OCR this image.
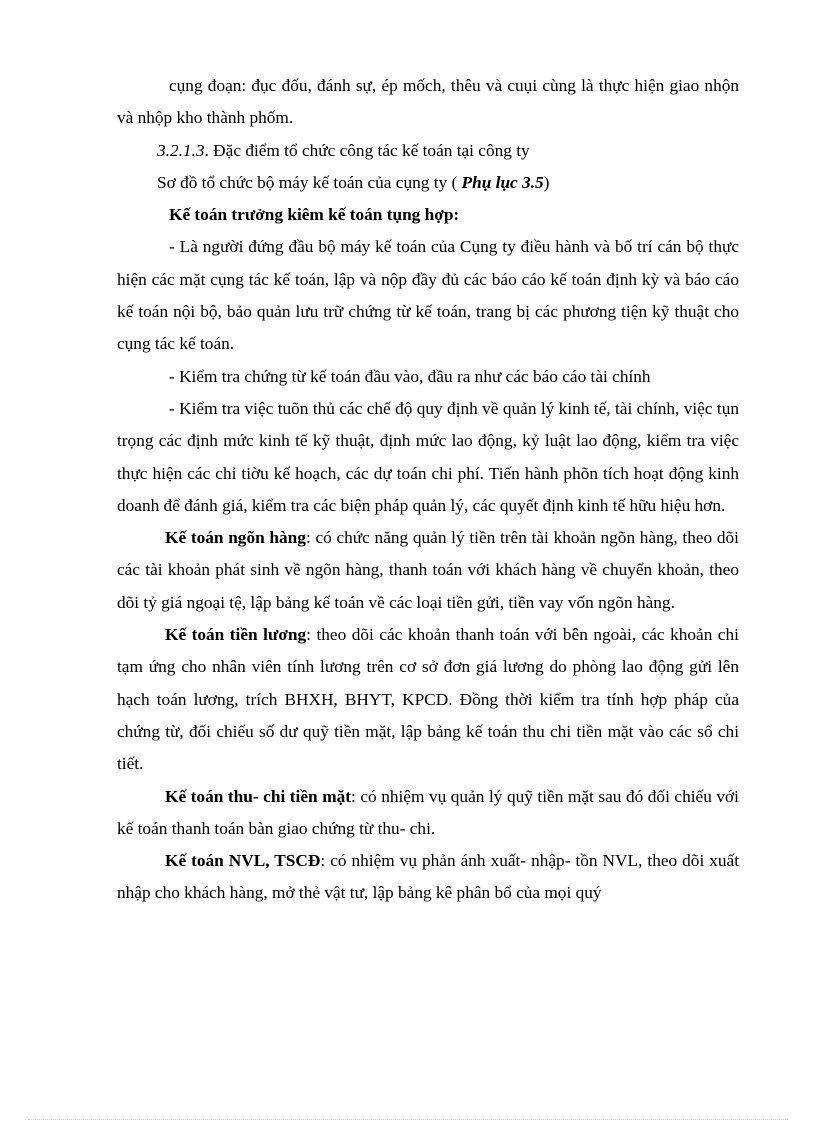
cụng đoạn: đục đốu, đánh sự, ép mốch, thêu và cuụi cùng là thực hiện giao nhộn và nhộp kho thành phốm.

3.2.1.3. Đặc điểm tổ chức công tác kế toán tại công ty

Sơ đồ tổ chức bộ máy kế toán của cụng ty ( Phụ lục 3.5)

Kế toán trưởng kiêm kế toán tụng hợp:

- Là người đứng đầu bộ máy kế toán của Cụng ty điều hành và bố trí cán bộ thực hiện các mặt cụng tác kế toán, lập và nộp đầy đủ các báo cáo kế toán định kỳ và báo cáo kế toán nội bộ, bảo quản lưu trữ chứng từ kế toán, trang bị các phương tiện kỹ thuật cho cụng tác kế toán.

- Kiểm tra chứng từ kế toán đầu vào, đầu ra như các báo cáo tài chính

- Kiểm tra việc tuõn thủ các chế độ quy định về quản lý kinh tế, tài chính, việc tụn trọng các định mức kinh tế kỹ thuật, định mức lao động, kỷ luật lao động, kiểm tra việc thực hiện các chỉ tiờu kế hoạch, các dự toán chi phí. Tiến hành phõn tích hoạt động kinh doanh để đánh giá, kiểm tra các biện pháp quản lý, các quyết định kinh tế hữu hiệu hơn.

Kế toán ngõn hàng: có chức năng quản lý tiền trên tài khoản ngõn hàng, theo dõi các tài khoản phát sinh về ngõn hàng, thanh toán với khách hàng về chuyển khoản, theo dõi tỷ giá ngoại tệ, lập bảng kế toán về các loại tiền gửi, tiền vay vốn ngõn hàng.

Kế toán tiền lương: theo dõi các khoản thanh toán với bên ngoài, các khoản chi tạm ứng cho nhân viên tính lương trên cơ sở đơn giá lương do phòng lao động gửi lên hạch toán lương, trích BHXH, BHYT, KPCD. Đồng thời kiểm tra tính hợp pháp của chứng từ, đối chiếu số dư quỹ tiền mặt, lập bảng kế toán thu chi tiền mặt vào các sổ chi tiết.

Kế toán thu- chi tiền mặt: có nhiệm vụ quản lý quỹ tiền mặt sau đó đối chiếu với kế toán thanh toán bàn giao chứng từ thu- chi.

Kế toán NVL, TSCĐ: có nhiệm vụ phản ánh xuất- nhập- tồn NVL, theo dõi xuất nhập cho khách hàng, mở thẻ vật tư, lập bảng kê phân bổ của mọi quý
